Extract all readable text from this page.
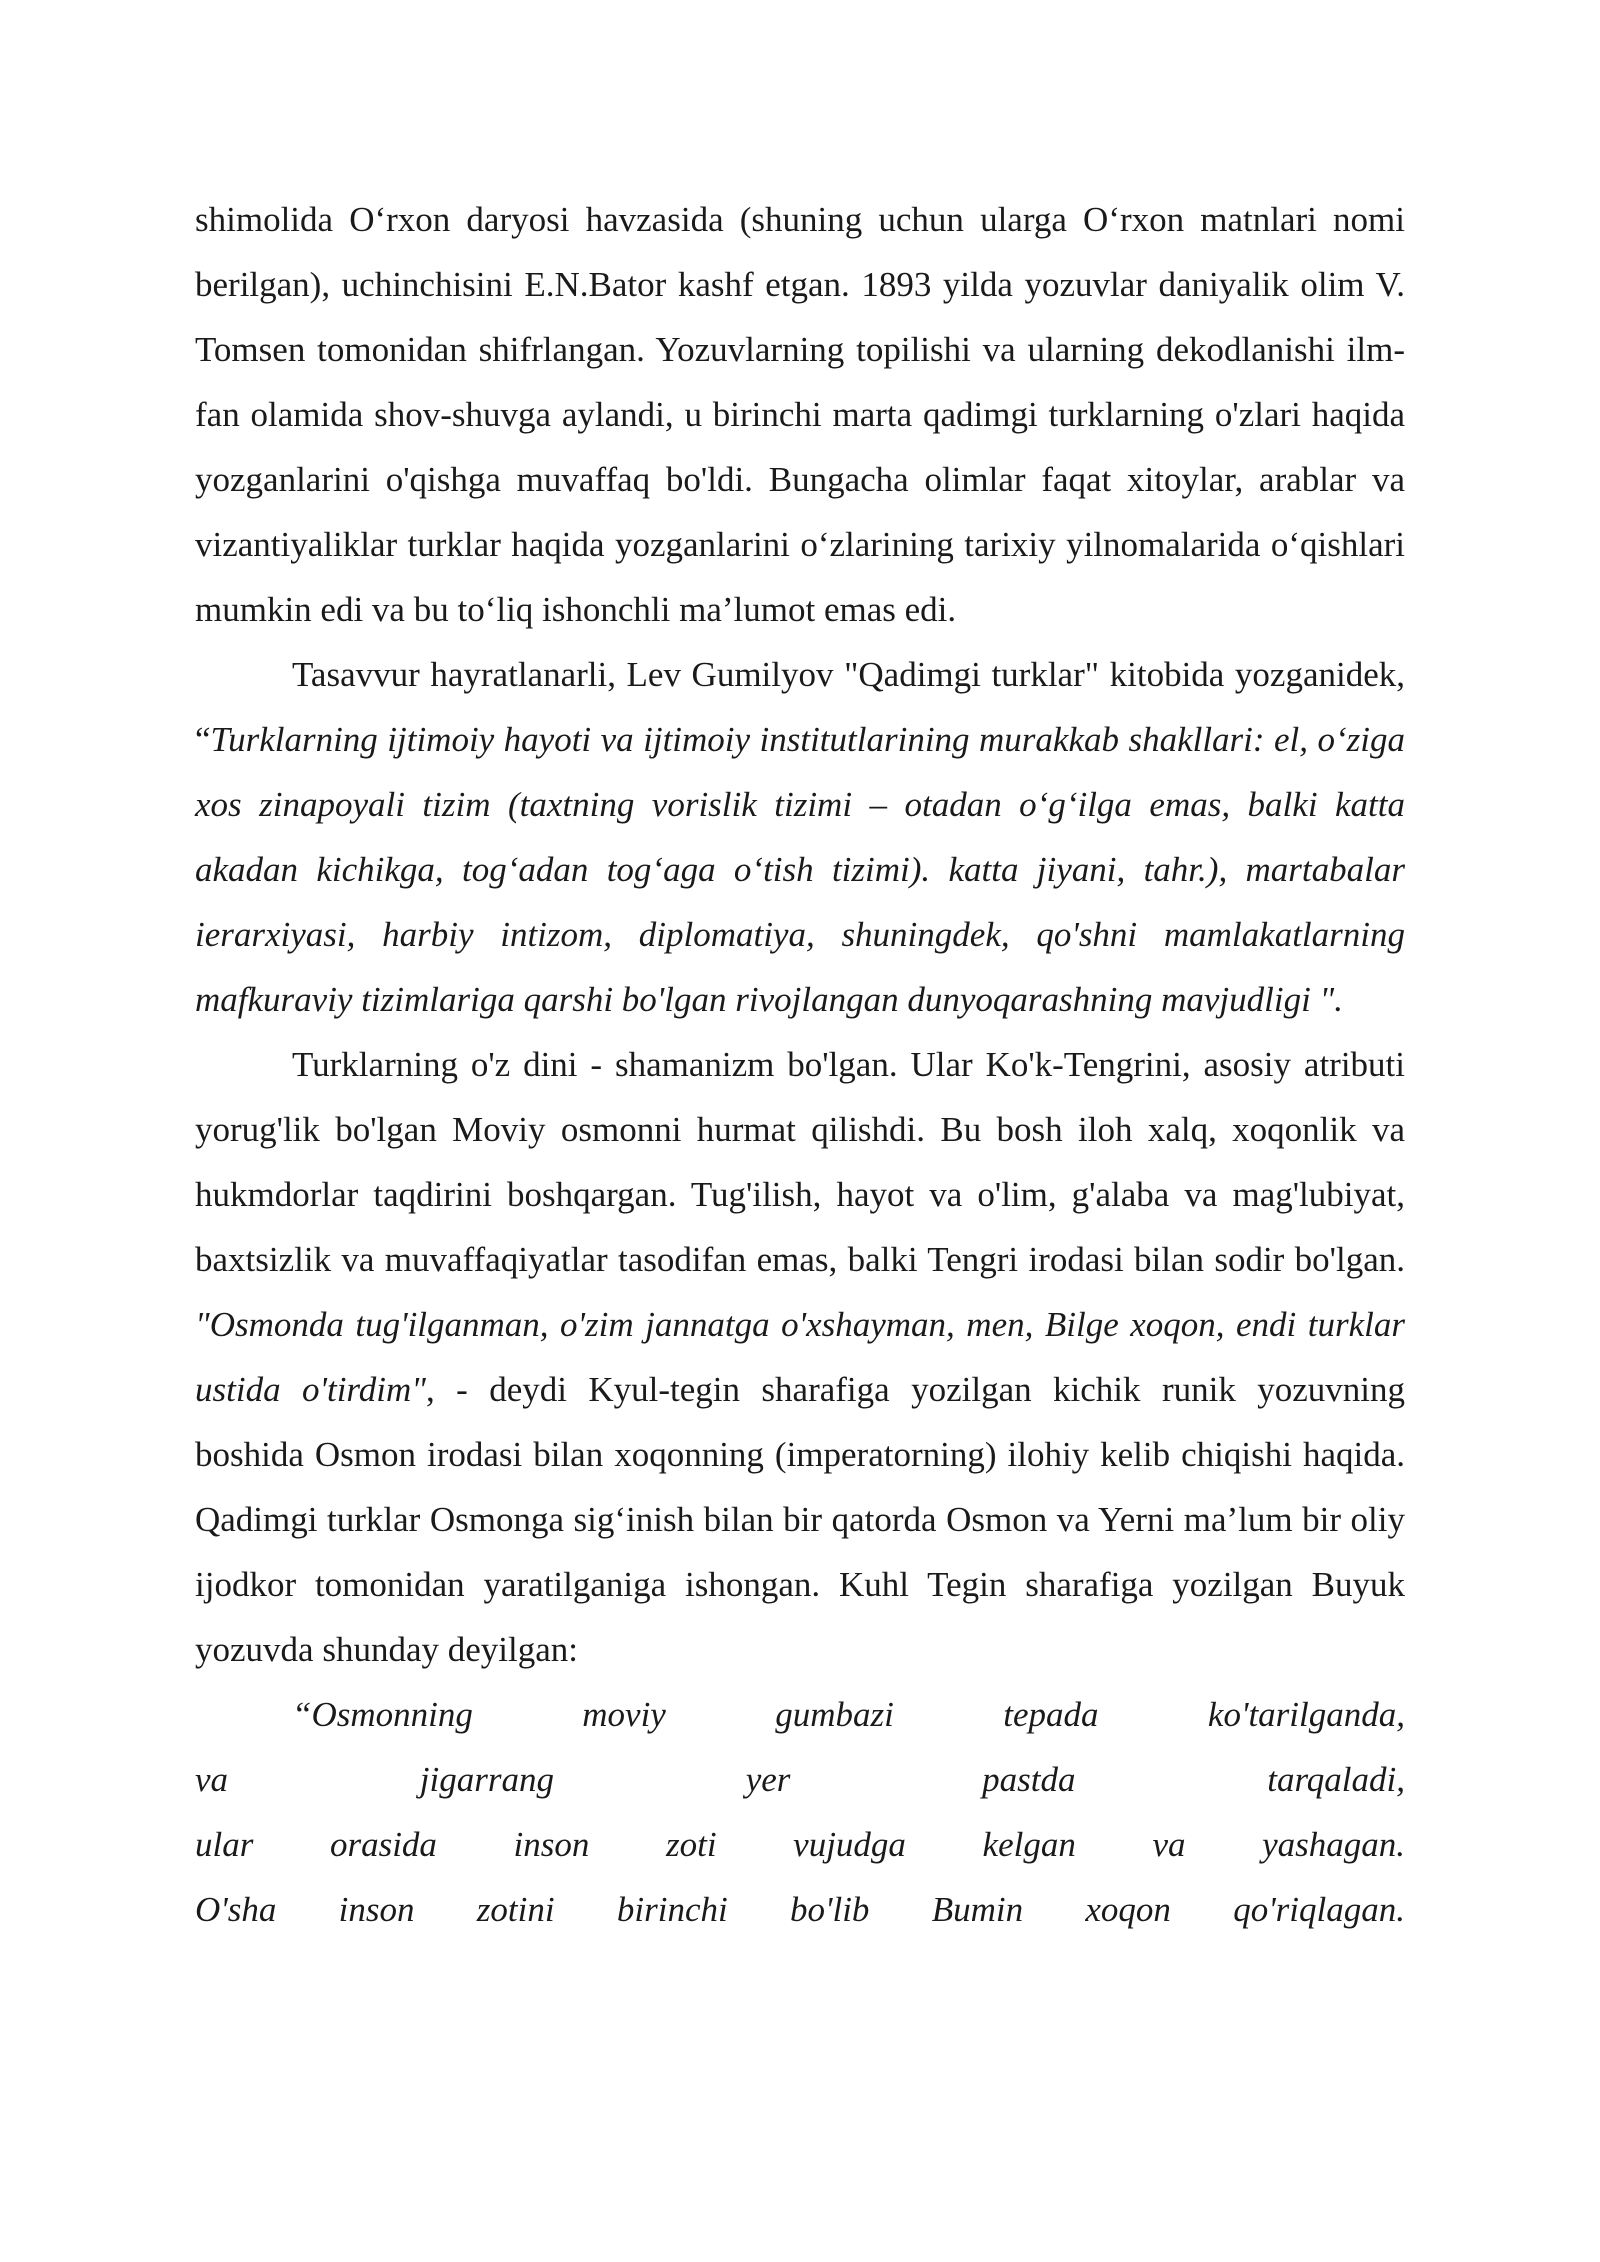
shimolida O‘rxon daryosi havzasida (shuning uchun ularga O‘rxon matnlari nomi berilgan), uchinchisini E.N.Bator kashf etgan. 1893 yilda yozuvlar daniyalik olim V. Tomsen tomonidan shifrlangan. Yozuvlarning topilishi va ularning dekodlanishi ilm-fan olamida shov-shuvga aylandi, u birinchi marta qadimgi turklarning o'zlari haqida yozganlarini o'qishga muvaffaq bo'ldi. Bungacha olimlar faqat xitoylar, arablar va vizantiyaliklar turklar haqida yozganlarini o‘zlarining tarixiy yilnomalarida o‘qishlari mumkin edi va bu to‘liq ishonchli ma’lumot emas edi.

Tasavvur hayratlanarli, Lev Gumilyov "Qadimgi turklar" kitobida yozganidek, “Turklarning ijtimoiy hayoti va ijtimoiy institutlarining murakkab shakllari: el, o‘ziga xos zinapoyali tizim (taxtning vorislik tizimi – otadan o‘g‘ilga emas, balki katta akadan kichikga, tog‘adan tog‘aga o‘tish tizimi). katta jiyani, tahr.), martabalar ierarxiyasi, harbiy intizom, diplomatiya, shuningdek, qo'shni mamlakatlarning mafkuraviy tizimlariga qarshi bo'lgan rivojlangan dunyoqarashning mavjudligi ".

Turklarning o'z dini - shamanizm bo'lgan. Ular Ko'k-Tengrini, asosiy atributi yorug'lik bo'lgan Moviy osmonni hurmat qilishdi. Bu bosh iloh xalq, xoqonlik va hukmdorlar taqdirini boshqargan. Tug'ilish, hayot va o'lim, g'alaba va mag'lubiyat, baxtsizlik va muvaffaqiyatlar tasodifan emas, balki Tengri irodasi bilan sodir bo'lgan. "Osmonda tug'ilganman, o'zim jannatga o'xshayman, men, Bilge xoqon, endi turklar ustida o'tirdim", - deydi Kyul-tegin sharafiga yozilgan kichik runik yozuvning boshida Osmon irodasi bilan xoqonning (imperatorning) ilohiy kelib chiqishi haqida. Qadimgi turklar Osmonga sig‘inish bilan bir qatorda Osmon va Yerni ma’lum bir oliy ijodkor tomonidan yaratilganiga ishongan. Kuhl Tegin sharafiga yozilgan Buyuk yozuvda shunday deyilgan:

“Osmonning moviy gumbazi tepada ko'tarilganda,
va jigarrang yer pastda tarqaladi,
ular orasida inson zoti vujudga kelgan va yashagan.
O'sha inson zotini birinchi bo'lib Bumin xoqon qo'riqlagan.
